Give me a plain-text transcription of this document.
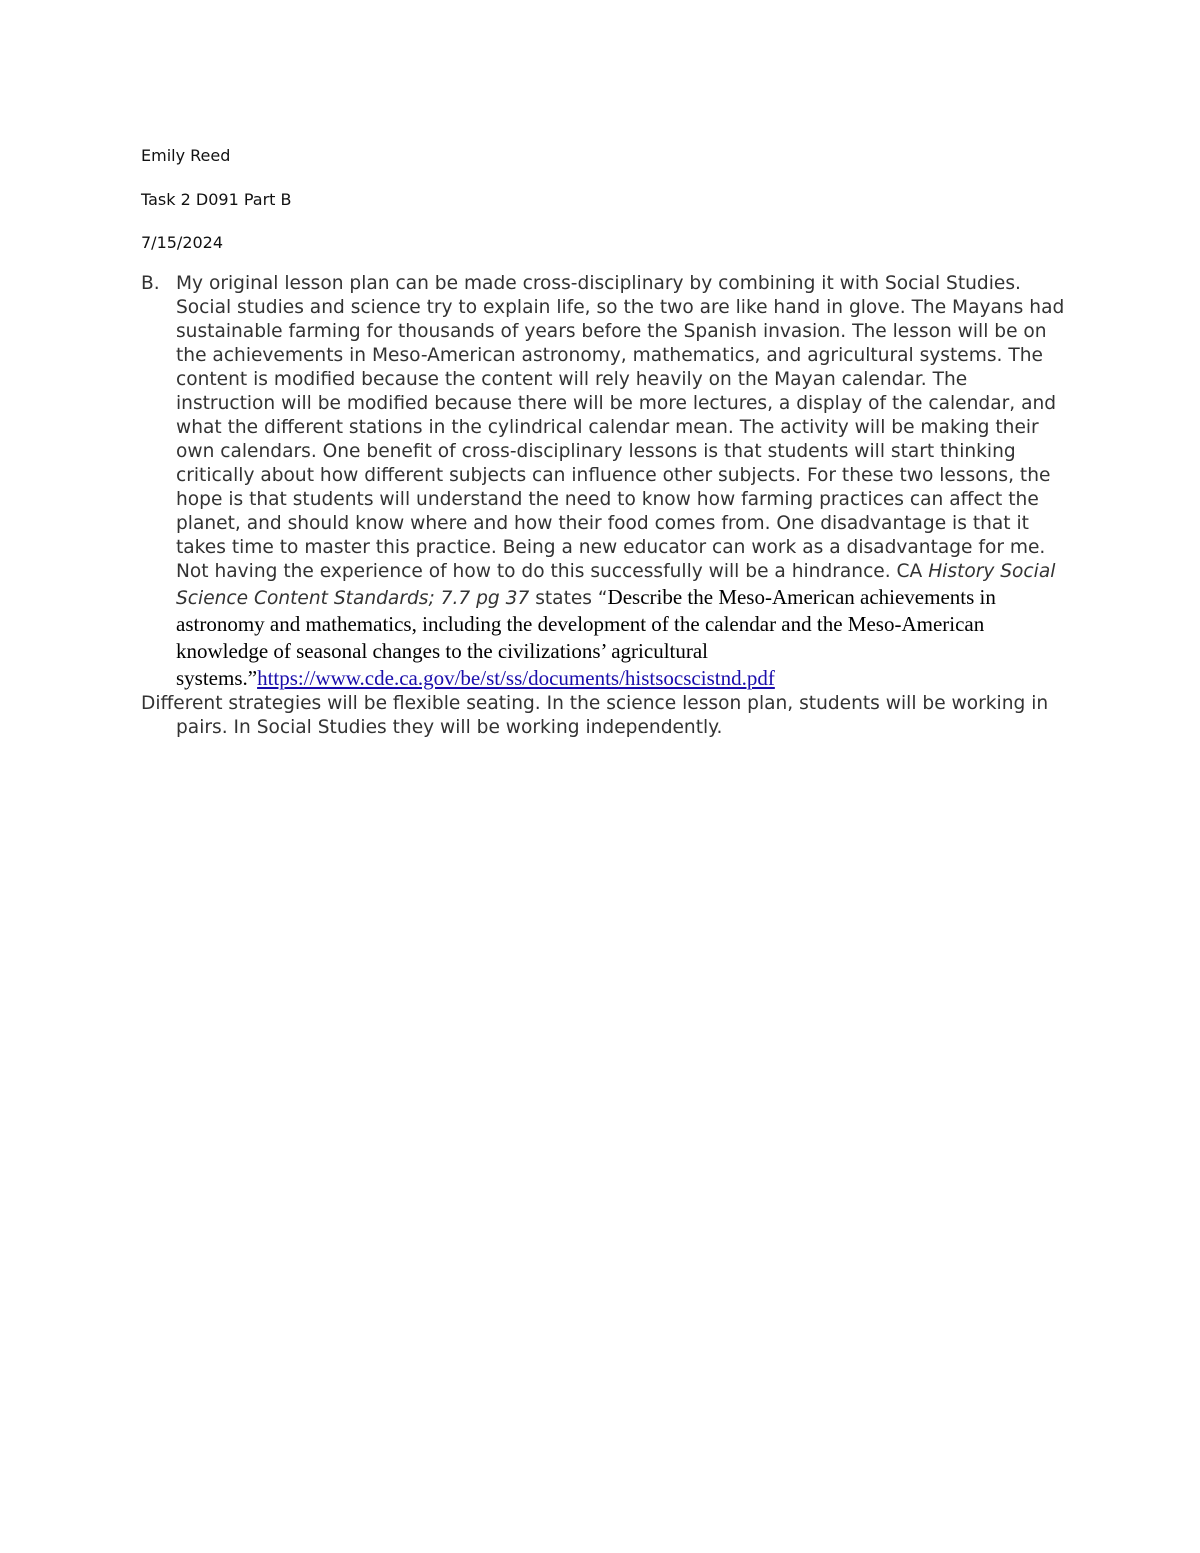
Emily Reed
Task 2 D091 Part B
7/15/2024

B. My original lesson plan can be made cross-disciplinary by combining it with Social Studies. Social studies and science try to explain life, so the two are like hand in glove. The Mayans had sustainable farming for thousands of years before the Spanish invasion. The lesson will be on the achievements in Meso-American astronomy, mathematics, and agricultural systems. The content is modified because the content will rely heavily on the Mayan calendar. The instruction will be modified because there will be more lectures, a display of the calendar, and what the different stations in the cylindrical calendar mean. The activity will be making their own calendars. One benefit of cross-disciplinary lessons is that students will start thinking critically about how different subjects can influence other subjects. For these two lessons, the hope is that students will understand the need to know how farming practices can affect the planet, and should know where and how their food comes from. One disadvantage is that it takes time to master this practice. Being a new educator can work as a disadvantage for me. Not having the experience of how to do this successfully will be a hindrance. CA History Social Science Content Standards; 7.7 pg 37 states “Describe the Meso-American achievements in astronomy and mathematics, including the development of the calendar and the Meso-American knowledge of seasonal changes to the civilizations’ agricultural systems.”https://www.cde.ca.gov/be/st/ss/documents/histsocscistnd.pdf

Different strategies will be flexible seating. In the science lesson plan, students will be working in pairs. In Social Studies they will be working independently.
